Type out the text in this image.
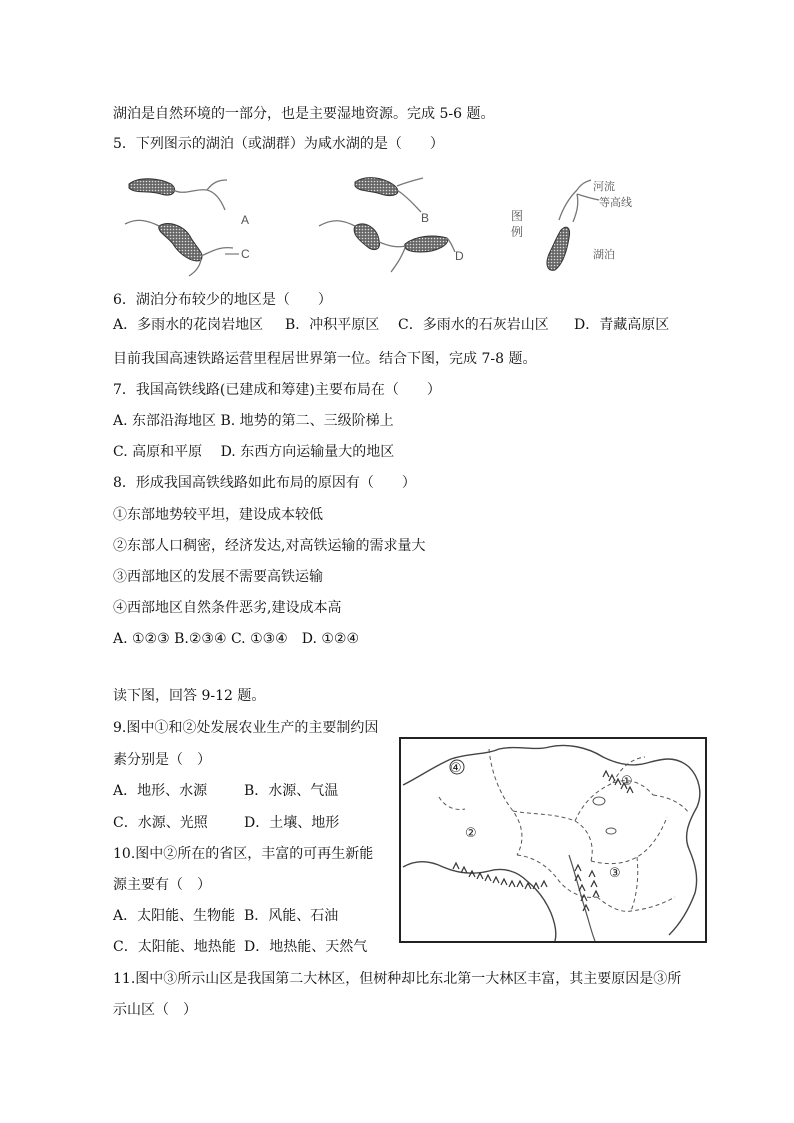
湖泊是自然环境的一部分，也是主要湿地资源。完成 5-6 题。
5．下列图示的湖泊（或湖群）为咸水湖的是（　　）
A
C
B
D
图
例
河流
等高线
湖泊
6．湖泊分布较少的地区是（　　）
A．多雨水的花岗岩地区 B．冲积平原区 C．多雨水的石灰岩山区 D．青藏高原区
目前我国高速铁路运营里程居世界第一位。结合下图，完成 7-8 题。
7．我国高铁线路(已建成和筹建)主要布局在（　　）
A. 东部沿海地区 B. 地势的第二、三级阶梯上
C. 高原和平原　 D. 东西方向运输量大的地区
8．形成我国高铁线路如此布局的原因有（　　）
①东部地势较平坦，建设成本较低
②东部人口稠密，经济发达,对高铁运输的需求量大
③西部地区的发展不需要高铁运输
④西部地区自然条件恶劣,建设成本高
A. ①②③ B.②③④ C. ①③④　D. ①②④
读下图，回答 9-12 题。
9.图中①和②处发展农业生产的主要制约因
素分别是（　）
A．地形、水源	B．水源、气温
C．水源、光照	D．土壤、地形
10.图中②所在的省区，丰富的可再生新能
源主要有（　）
A．太阳能、生物能 B．风能、石油
C．太阳能、地热能 D．地热能、天然气
④
①
②
③
11.图中③所示山区是我国第二大林区，但树种却比东北第一大林区丰富，其主要原因是③所
示山区（　）
